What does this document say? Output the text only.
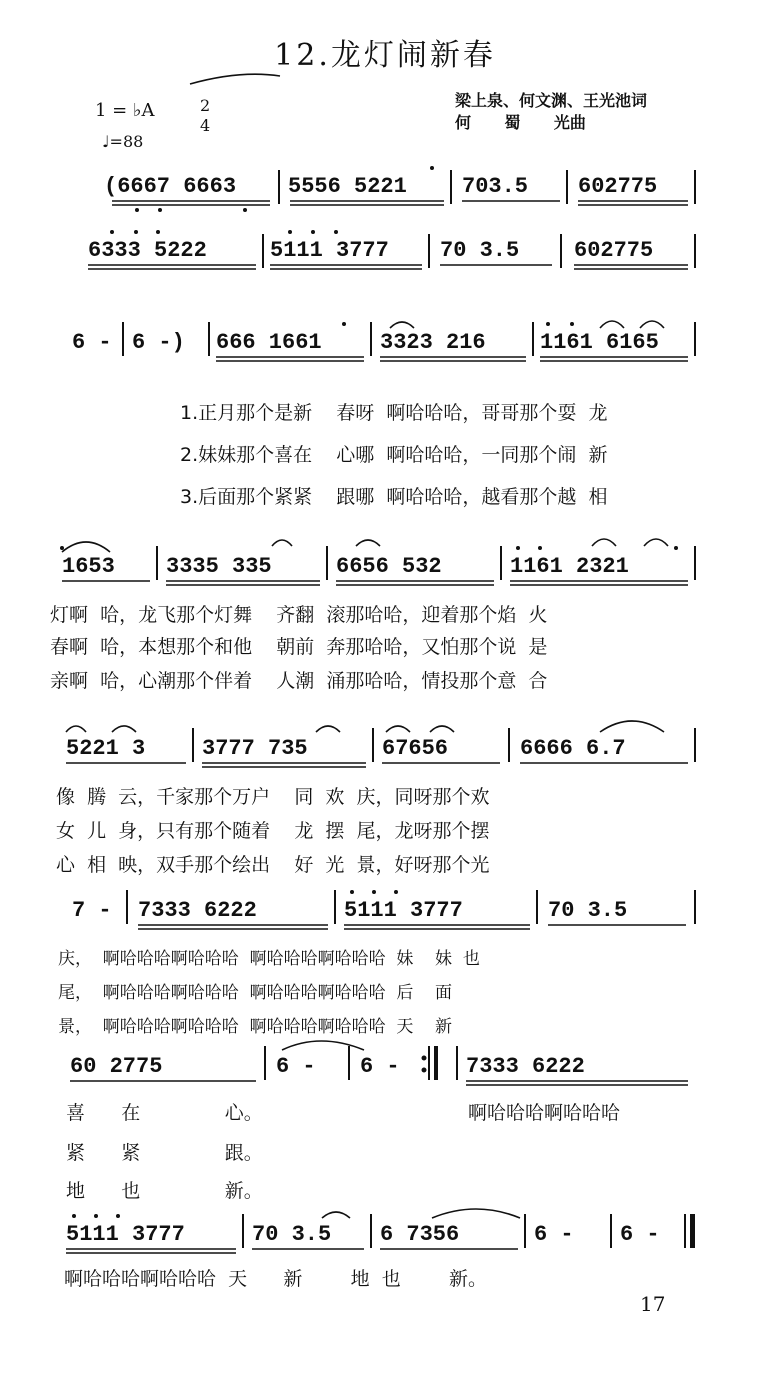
12.龙灯闹新春
梁上泉、何文渊、王光池词
何      蜀      光曲
1 = ♭A	2
4
♩=88
(6667 6663 5556 5221	703.5 602775
6333 5222	5111 3777 70 3.5 602775
6 - 6 -) 666 1661	3323 216 1161 6165
1.正月那个是新    春呀  啊哈哈哈，哥哥那个耍  龙
2.妹妹那个喜在    心哪  啊哈哈哈，一同那个闹  新
3.后面那个紧紧    跟哪  啊哈哈哈，越看那个越  相
1653 3335 335	6656 532	1161 2321
灯啊  哈，龙飞那个灯舞    齐翻  滚那哈哈，迎着那个焰  火
春啊  哈，本想那个和他    朝前  奔那哈哈，又怕那个说  是
亲啊  哈，心潮那个伴着    人潮  涌那哈哈，情投那个意  合
5221 3	3777 735	67656	6666 6.7
像  腾  云，千家那个万户    同  欢  庆，同呀那个欢
女  儿  身，只有那个随着    龙  摆  尾，龙呀那个摆
心  相  映，双手那个绘出    好  光  景，好呀那个光
7 - 7333 6222	5111 3777	70 3.5
庆，  啊哈哈哈啊哈哈哈  啊哈哈哈啊哈哈哈  妹    妹  也
尾，  啊哈哈哈啊哈哈哈  啊哈哈哈啊哈哈哈  后    面
景，  啊哈哈哈啊哈哈哈  啊哈哈哈啊哈哈哈  天    新
60 2775	6 - 6 -	7333 6222
喜      在              心。	啊哈哈哈啊哈哈哈
紧      紧              跟。
地      也              新。
5111 3777	70 3.5 6 7356	6 - 6 -
啊哈哈哈啊哈哈哈  天      新        地  也        新。
17
